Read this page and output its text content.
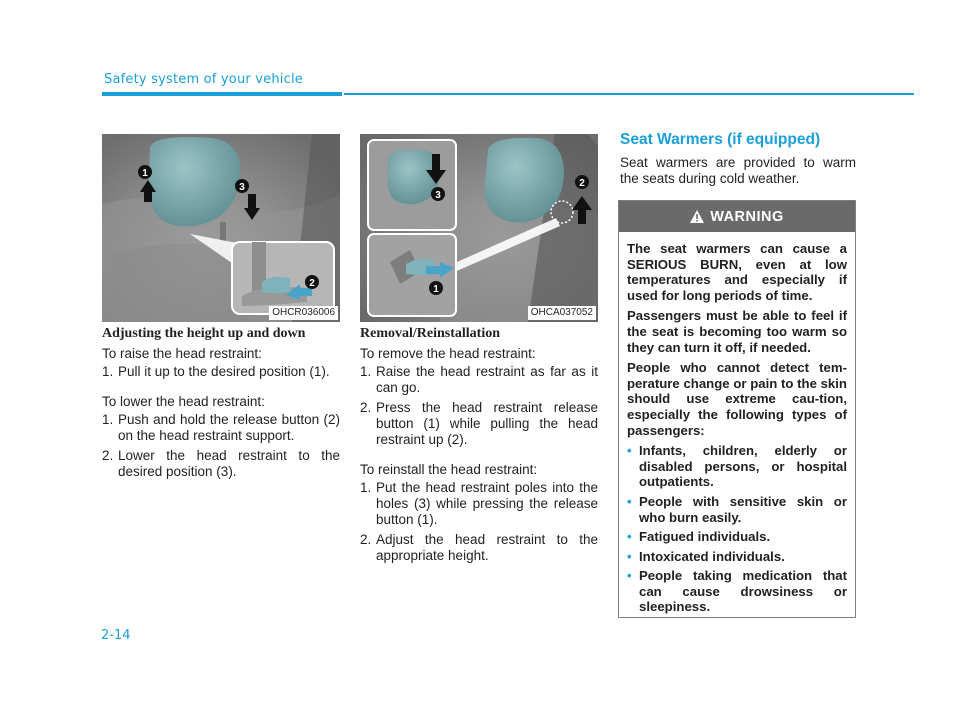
Safety system of your vehicle
1
3
2
OHCR036006
3
2
1
OHCA037052
Adjusting the height up and down
To raise the head restraint:
1. Pull it up to the desired position (1).
To lower the head restraint:
1. Push and hold the release button (2) on the head restraint support.
2. Lower the head restraint to the desired position (3).
Removal/Reinstallation
To remove the head restraint:
1. Raise the head restraint as far as it can go.
2. Press the head restraint release button (1) while pulling the head restraint up (2).
To reinstall the head restraint:
1. Put the head restraint poles into the holes (3) while pressing the release button (1).
2. Adjust the head restraint to the appropriate height.
Seat Warmers (if equipped)
Seat warmers are provided to warm the seats during cold weather.
WARNING

The seat warmers can cause a SERIOUS BURN, even at low temperatures and especially if used for long periods of time.

Passengers must be able to feel if the seat is becoming too warm so they can turn it off, if needed.

People who cannot detect tem-perature change or pain to the skin should use extreme cau-tion, especially the following types of passengers:

• Infants, children, elderly or disabled persons, or hospital outpatients.
• People with sensitive skin or who burn easily.
• Fatigued individuals.
• Intoxicated individuals.
• People taking medication that can cause drowsiness or sleepiness.
2-14
